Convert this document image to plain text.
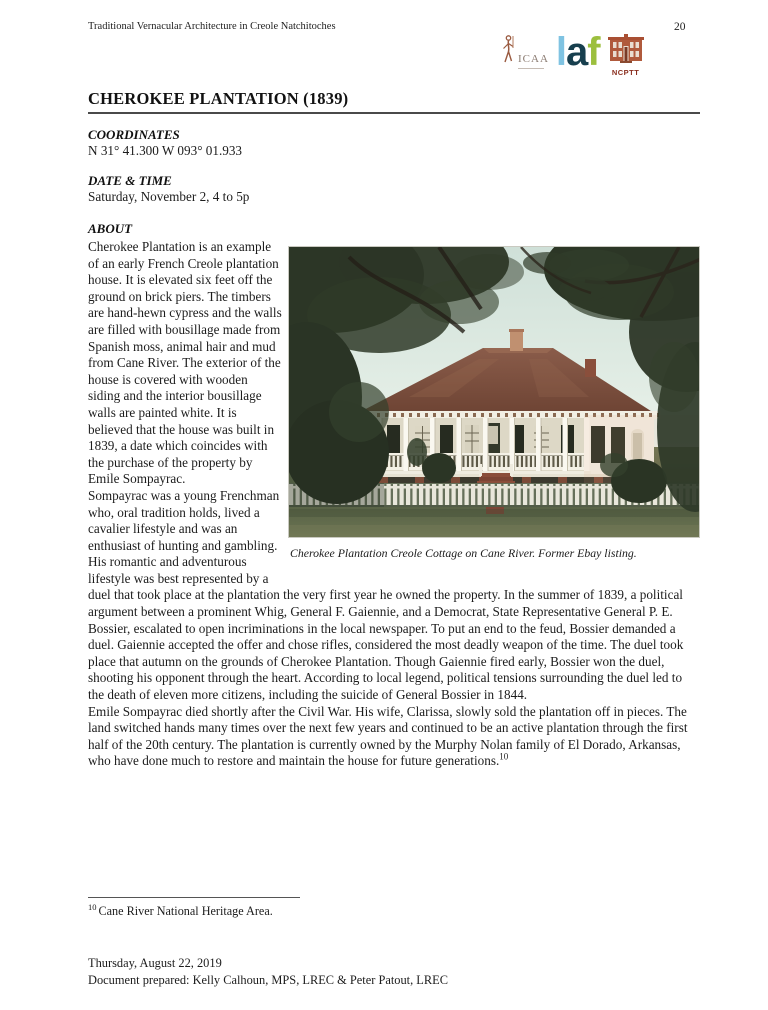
Traditional Vernacular Architecture in Creole Natchitoches	20
ICAA l a f NCPTT
CHEROKEE PLANTATION (1839)
COORDINATES
N 31° 41.300 W 093° 01.933
DATE & TIME
Saturday, November 2, 4 to 5p
ABOUT
Cherokee Plantation Creole Cottage on Cane River. Former Ebay listing.

Cherokee Plantation is an example of an early French Creole plantation house. It is elevated six feet off the ground on brick piers. The timbers are hand-hewn cypress and the walls are filled with bousillage made from Spanish moss, animal hair and mud from Cane River. The exterior of the house is covered with wooden siding and the interior bousillage walls are painted white. It is believed that the house was built in 1839, a date which coincides with the purchase of the property by Emile Sompayrac.

Sompayrac was a young Frenchman who, oral tradition holds, lived a cavalier lifestyle and was an enthusiast of hunting and gambling. His romantic and adventurous lifestyle was best represented by a duel that took place at the plantation the very first year he owned the property. In the summer of 1839, a political argument between a prominent Whig, General F. Gaiennie, and a Democrat, State Representative General P. E. Bossier, escalated to open incriminations in the local newspaper. To put an end to the feud, Bossier demanded a duel. Gaiennie accepted the offer and chose rifles, considered the most deadly weapon of the time. The duel took place that autumn on the grounds of Cherokee Plantation. Though Gaiennie fired early, Bossier won the duel, shooting his opponent through the heart. According to local legend, political tensions surrounding the duel led to the death of eleven more citizens, including the suicide of General Bossier in 1844.

Emile Sompayrac died shortly after the Civil War. His wife, Clarissa, slowly sold the plantation off in pieces. The land switched hands many times over the next few years and continued to be an active plantation through the first half of the 20th century. The plantation is currently owned by the Murphy Nolan family of El Dorado, Arkansas, who have done much to restore and maintain the house for future generations.$^{10}$

$^{10}$ Cane River National Heritage Area.
Thursday, August 22, 2019
Document prepared: Kelly Calhoun, MPS, LREC & Peter Patout, LREC
